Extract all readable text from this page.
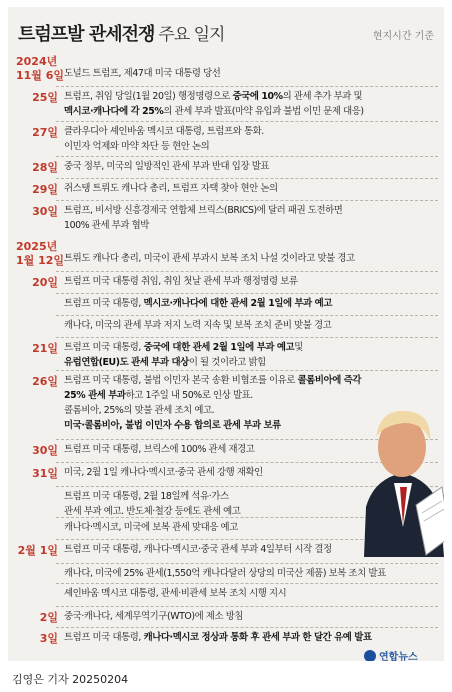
트럼프발 관세전쟁 주요 일지	현지시간 기준
2024년
11월 6일
2025년
1월 12일
도널드 트럼프, 제47대 미국 대통령 당선
25일 트럼프, 취임 당일(1월 20일) 행정명령으로 중국에 10%의 관세 추가 부과 및
멕시코·캐나다에 각 25%의 관세 부과 발표(마약 유입과 불법 이민 문제 대응)
27일 클라우디아 셰인바움 멕시코 대통령, 트럼프와 통화.
이민자 억제와 마약 차단 등 현안 논의
28일 중국 정부, 미국의 일방적인 관세 부과 반대 입장 발표
29일 쥐스탱 트뤼도 캐나다 총리, 트럼프 자택 찾아 현안 논의
30일 트럼프, 비서방 신흥경제국 연합체 브릭스(BRICS)에 달러 패권 도전하면
100% 관세 부과 협박
트뤼도 캐나다 총리, 미국이 관세 부과시 보복 조치 나설 것이라고 맞불 경고
20일 트럼프 미국 대통령 취임, 취임 첫날 관세 부과 행정명령 보류
트럼프 미국 대통령, 멕시코·캐나다에 대한 관세 2월 1일에 부과 예고
캐나다, 미국의 관세 부과 저지 노력 지속 및 보복 조치 준비 맞불 경고
21일 트럼프 미국 대통령, 중국에 대한 관세 2월 1일에 부과 예고및
유럽연합(EU)도 관세 부과 대상이 될 것이라고 밝힘
26일 트럼프 미국 대통령, 불법 이민자 본국 송환 비협조를 이유로 콜롬비아에 즉각
25% 관세 부과하고 1주일 내 50%로 인상 발표.
콜롬비아, 25%의 맞불 관세 조치 예고.
미국·콜롬비아, 불법 이민자 수용 합의로 관세 부과 보류
30일 트럼프 미국 대통령, 브릭스에 100% 관세 재경고
31일 미국, 2월 1일 캐나다·멕시코·중국 관세 강행 재확인
트럼프 미국 대통령, 2월 18일께 석유·가스
관세 부과 예고. 반도체·철강 등에도 관세 예고
캐나다·멕시코, 미국에 보복 관세 맞대응 예고
2월 1일 트럼프 미국 대통령, 캐나다·멕시코·중국 관세 부과 4일부터 시작 결정
캐나다, 미국에 25% 관세(1,550억 캐나다달러 상당의 미국산 제품) 보복 조치 발표
셰인바움 멕시코 대통령, 관세·비관세 보복 조치 시행 지시
2일 중국·캐나다, 세계무역기구(WTO)에 제소 방침
3일 트럼프 미국 대통령, 캐나다·멕시코 정상과 통화 후 관세 부과 한 달간 유예 발표
연합뉴스
김영은 기자 20250204
